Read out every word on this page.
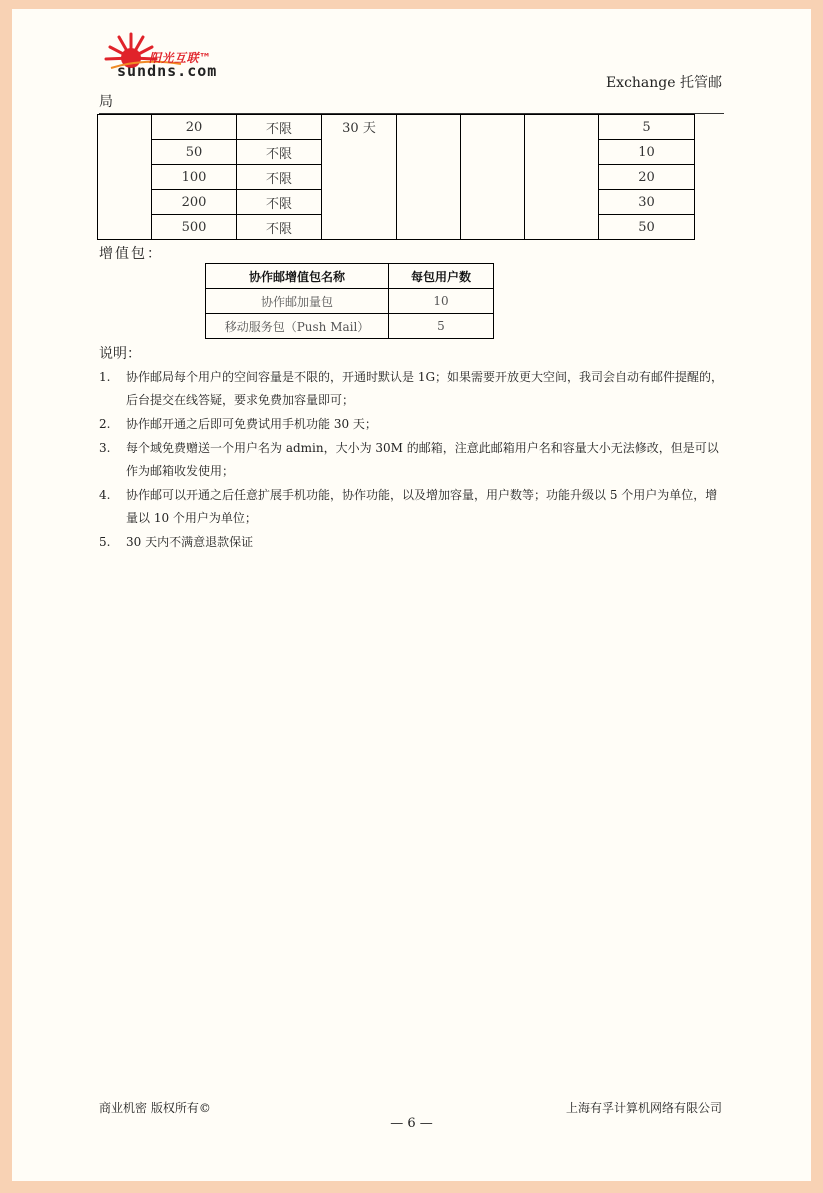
阳光互联™
sundns.com
Exchange 托管邮
局
	20	不限	30 天				5
	50	不限					10
	100	不限					20
	200	不限					30
	500	不限					50
增值包：
协作邮增值包名称	每包用户数
协作邮加量包	10
移动服务包（Push Mail）	5
说明：
1. 协作邮局每个用户的空间容量是不限的，开通时默认是 1G；如果需要开放更大空间，我司会自动有邮件提醒的，后台提交在线答疑，要求免费加容量即可；
2. 协作邮开通之后即可免费试用手机功能 30 天；
3. 每个域免费赠送一个用户名为 admin，大小为 30M 的邮箱，注意此邮箱用户名和容量大小无法修改，但是可以作为邮箱收发使用；
4. 协作邮可以开通之后任意扩展手机功能，协作功能，以及增加容量，用户数等；功能升级以 5 个用户为单位，增量以 10 个用户为单位；
5. 30 天内不满意退款保证
商业机密 版权所有©	上海有孚计算机网络有限公司
— 6 —
